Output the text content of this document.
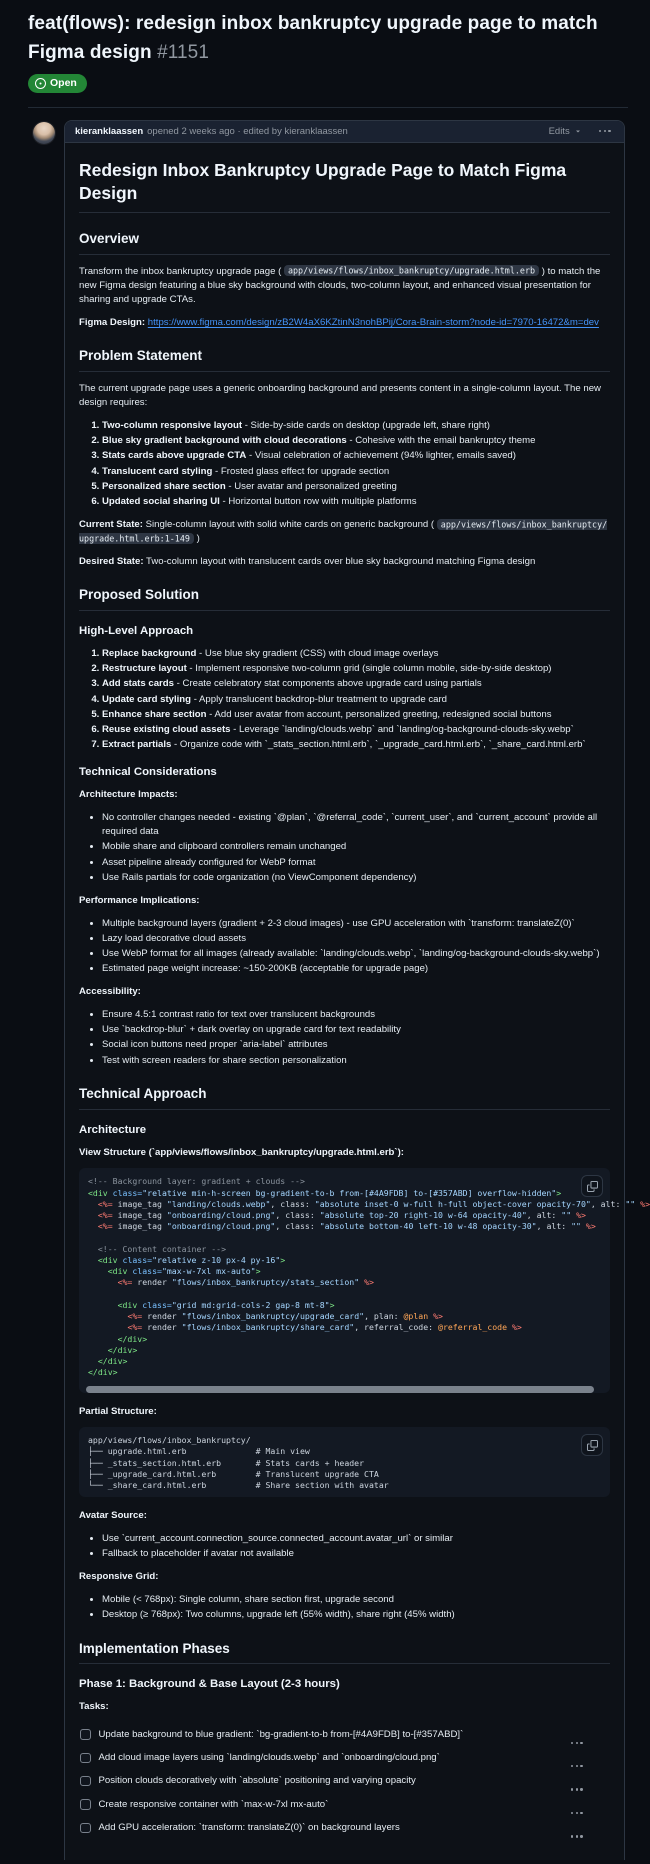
feat(flows): redesign inbox bankruptcy upgrade page to match Figma design #1151
Open
kieranklaassen opened 2 weeks ago · edited by kieranklaassen	Edits
Redesign Inbox Bankruptcy Upgrade Page to Match Figma Design
Overview

Transform the inbox bankruptcy upgrade page ( app/views/flows/inbox_bankruptcy/upgrade.html.erb ) to match the new Figma design featuring a blue sky background with clouds, two-column layout, and enhanced visual presentation for sharing and upgrade CTAs.

Figma Design: https://www.figma.com/design/zB2W4aX6KZtinN3nohBPij/Cora-Brain-storm?node-id=7970-16472&m=dev

Problem Statement

The current upgrade page uses a generic onboarding background and presents content in a single-column layout. The new design requires:

1. Two-column responsive layout - Side-by-side cards on desktop (upgrade left, share right)
2. Blue sky gradient background with cloud decorations - Cohesive with the email bankruptcy theme
3. Stats cards above upgrade CTA - Visual celebration of achievement (94% lighter, emails saved)
4. Translucent card styling - Frosted glass effect for upgrade section
5. Personalized share section - User avatar and personalized greeting
6. Updated social sharing UI - Horizontal button row with multiple platforms

Current State: Single-column layout with solid white cards on generic background ( app/views/flows/inbox_bankruptcy/upgrade.html.erb:1-149 )

Desired State: Two-column layout with translucent cards over blue sky background matching Figma design

Proposed Solution
High-Level Approach
1. Replace background - Use blue sky gradient (CSS) with cloud image overlays
2. Restructure layout - Implement responsive two-column grid (single column mobile, side-by-side desktop)
3. Add stats cards - Create celebratory stat components above upgrade card using partials
4. Update card styling - Apply translucent backdrop-blur treatment to upgrade card
5. Enhance share section - Add user avatar from account, personalized greeting, redesigned social buttons
6. Reuse existing cloud assets - Leverage `landing/clouds.webp` and `landing/og-background-clouds-sky.webp`
7. Extract partials - Organize code with `_stats_section.html.erb`, `_upgrade_card.html.erb`, `_share_card.html.erb`
Technical Considerations

Architecture Impacts:

• No controller changes needed - existing `@plan`, `@referral_code`, `current_user`, and `current_account` provide all required data
• Mobile share and clipboard controllers remain unchanged
• Asset pipeline already configured for WebP format
• Use Rails partials for code organization (no ViewComponent dependency)

Performance Implications:

• Multiple background layers (gradient + 2-3 cloud images) - use GPU acceleration with `transform: translateZ(0)`
• Lazy load decorative cloud assets
• Use WebP format for all images (already available: `landing/clouds.webp`, `landing/og-background-clouds-sky.webp`)
• Estimated page weight increase: ~150-200KB (acceptable for upgrade page)

Accessibility:

• Ensure 4.5:1 contrast ratio for text over translucent backgrounds
• Use `backdrop-blur` + dark overlay on upgrade card for text readability
• Social icon buttons need proper `aria-label` attributes
• Test with screen readers for share section personalization
Technical Approach
Architecture

View Structure (`app/views/flows/inbox_bankruptcy/upgrade.html.erb`):

<!-- Background layer: gradient + clouds -->
<div class="relative min-h-screen bg-gradient-to-b from-[#4A9FDB] to-[#357ABD] overflow-hidden">
<%= image_tag "landing/clouds.webp", class: "absolute inset-0 w-full h-full object-cover opacity-70", alt: "" %>
<%= image_tag "onboarding/cloud.png", class: "absolute top-20 right-10 w-64 opacity-40", alt: "" %>
<%= image_tag "onboarding/cloud.png", class: "absolute bottom-40 left-10 w-48 opacity-30", alt: "" %>

<!-- Content container -->
<div class="relative z-10 px-4 py-16">
<div class="max-w-7xl mx-auto">
<%= render "flows/inbox_bankruptcy/stats_section" %>

<div class="grid md:grid-cols-2 gap-8 mt-8">
<%= render "flows/inbox_bankruptcy/upgrade_card", plan: @plan %>
<%= render "flows/inbox_bankruptcy/share_card", referral_code: @referral_code %>
</div>
</div>
</div>
</div>

Partial Structure:

app/views/flows/inbox_bankruptcy/
├── upgrade.html.erb              # Main view
├── _stats_section.html.erb       # Stats cards + header
├── _upgrade_card.html.erb        # Translucent upgrade CTA
└── _share_card.html.erb          # Share section with avatar

Avatar Source:

• Use `current_account.connection_source.connected_account.avatar_url` or similar
• Fallback to placeholder if avatar not available

Responsive Grid:

• Mobile (< 768px): Single column, share section first, upgrade second
• Desktop (≥ 768px): Two columns, upgrade left (55% width), share right (45% width)
Implementation Phases
Phase 1: Background & Base Layout (2-3 hours)

Tasks:

Update background to blue gradient: `bg-gradient-to-b from-[#4A9FDB] to-[#357ABD]`
Add cloud image layers using `landing/clouds.webp` and `onboarding/cloud.png`
Position clouds decoratively with `absolute` positioning and varying opacity
Create responsive container with `max-w-7xl mx-auto`
Add GPU acceleration: `transform: translateZ(0)` on background layers
